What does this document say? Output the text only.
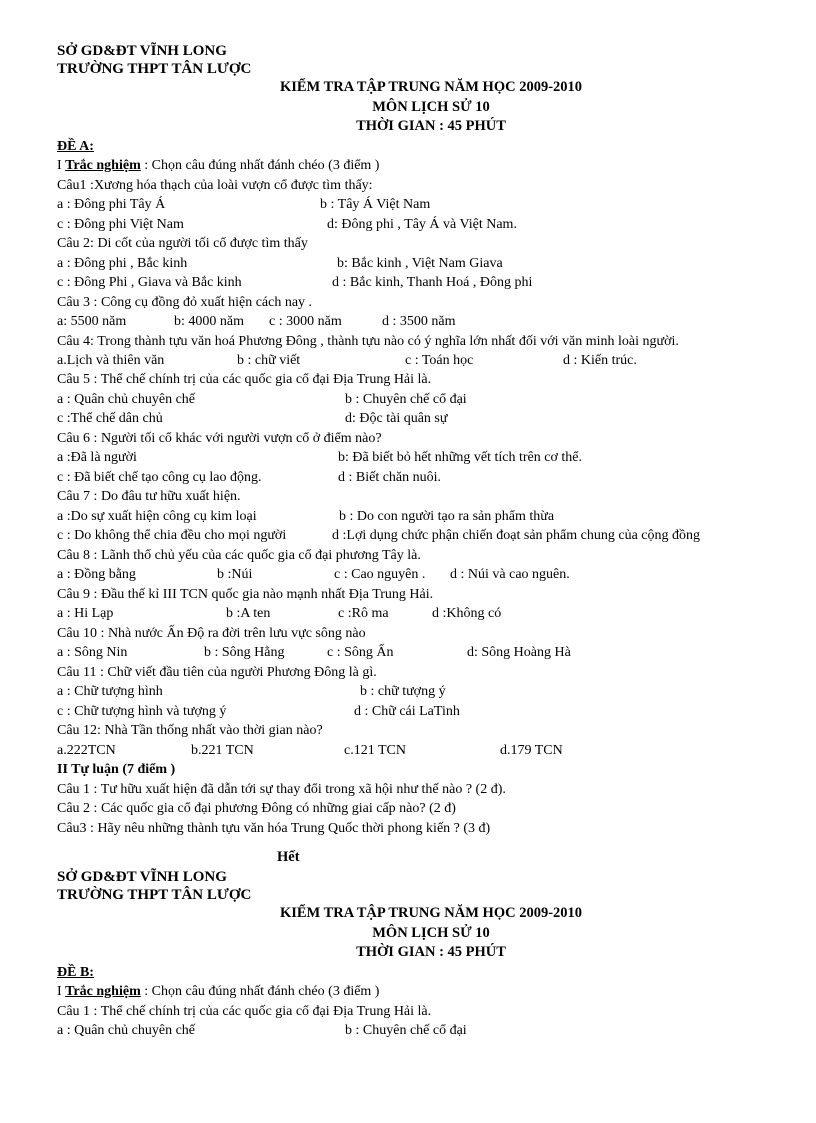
SỞ GD&ĐT VĨNH LONG
TRƯỜNG THPT TÂN LƯỢC
KIỂM TRA TẬP TRUNG NĂM HỌC 2009-2010
MÔN LỊCH SỬ 10
THỜI GIAN : 45 PHÚT
ĐỀ A:
I Trắc nghiệm : Chọn câu đúng nhất đánh chéo (3 điểm )
Câu1 :Xương hóa thạch của loài vượn cổ được tìm thấy:
a : Đông phi Tây Á	b : Tây Á Việt Nam
c : Đông phi Việt Nam	d: Đông phi , Tây Á và Việt Nam.
Câu 2: Di cốt của người tối cổ được tìm thấy
a : Đông phi , Bắc kinh	b: Bắc kinh , Việt Nam Giava
c : Đông Phi , Giava và Bắc kinh	d : Bắc kinh, Thanh Hoá , Đông phi
Câu 3 : Công cụ đồng đỏ xuất hiện cách nay .
a: 5500 năm	b: 4000 năm c : 3000 năm	d : 3500 năm
Câu 4: Trong thành tựu văn hoá Phương Đông , thành tựu nào có ý nghĩa lớn nhất đối với văn minh loài người.
a.Lịch và thiên văn	b : chữ viết	c : Toán học	d : Kiến trúc.
Câu 5 : Thể chế chính trị của các quốc gia cổ đại Địa Trung Hải là.
a : Quân chủ chuyên chế	b : Chuyên chế cổ đại
c :Thể chế dân chủ	d: Độc tài quân sự
Câu 6 : Người tối cổ khác với người vượn cổ ở điểm nào?
a :Đã là người	b: Đã biết bỏ hết những vết tích trên cơ thể.
c : Đã biết chế tạo công cụ lao động.	d : Biết chăn nuôi.
Câu 7 : Do đâu tư hữu xuất hiện.
a :Do sự xuất hiện công cụ kim loại	b : Do con người tạo ra sản phẩm thừa
c : Do không thể chia đều cho mọi người	d :Lợi dụng chức phận chiến đoạt sản phẩm chung của cộng đồng
Câu 8 : Lãnh thổ chủ yếu của các quốc gia cổ đại phương Tây là.
a : Đồng bằng	b :Núi	c : Cao nguyên . d : Núi và cao nguên.
Câu 9 : Đầu thế kỉ III TCN quốc gia nào mạnh nhất Địa Trung Hải.
a : Hi Lạp	b :A ten	c :Rô ma	d :Không có
Câu 10 : Nhà nước Ấn Độ ra đời trên lưu vực sông nào
a : Sông Nin	b : Sông Hằng	c : Sông Ấn	d: Sông Hoàng Hà
Câu 11 : Chữ viết đầu tiên của người Phương Đông là gì.
a : Chữ tượng hình	b : chữ tượng ý
c : Chữ tượng hình và tượng ý	d : Chữ cái LaTinh
Câu 12: Nhà Tần thống nhất vào thời gian nào?
a.222TCN	b.221 TCN	c.121 TCN	d.179 TCN
II Tự luận (7 điểm )
Câu 1 : Tư hữu xuất hiện đã dẫn tới sự thay đổi trong xã hội như thế nào ? (2 đ).
Câu 2 : Các quốc gia cổ đại phương Đông có những giai cấp nào? (2 đ)
Câu3 : Hãy nêu những thành tựu văn hóa Trung Quốc thời phong kiến ? (3 đ)
Hết
SỞ GD&ĐT VĨNH LONG
TRƯỜNG THPT TÂN LƯỢC
KIỂM TRA TẬP TRUNG NĂM HỌC 2009-2010
MÔN LỊCH SỬ 10
THỜI GIAN : 45 PHÚT
ĐỀ B:
I Trắc nghiệm : Chọn câu đúng nhất đánh chéo (3 điểm )
Câu 1 : Thể chế chính trị của các quốc gia cổ đại Địa Trung Hải là.
a : Quân chủ chuyên chế	b : Chuyên chế cổ đại
